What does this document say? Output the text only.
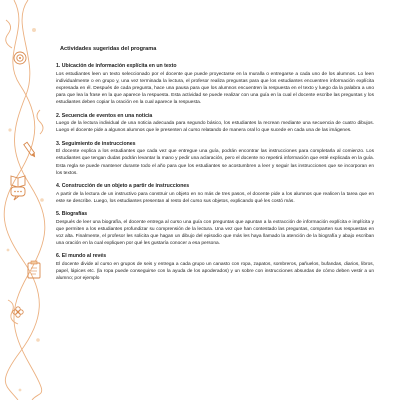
Actividades sugeridas del programa
1. Ubicación de información explícita en un texto

Los estudiantes leen un texto seleccionado por el docente que puede proyectarse en la muralla o entregarse a cada uno de los alumnos. Lo leen individualmente o en grupo y, una vez terminada la lectura, el profesor realiza preguntas para que los estudiantes encuentren información explícita expresada en él. Después de cada pregunta, hace una pausa para que los alumnos encuentren la respuesta en el texto y luego da la palabra a uno para que lea la frase en la que aparece la respuesta. Esta actividad se puede realizar con una guía en la cual el docente escribe las preguntas y los estudiantes deben copiar la oración en la cual aparece la respuesta.

2. Secuencia de eventos en una noticia

Luego de la lectura individual de una noticia adecuada para segundo básico, los estudiantes la recrean mediante una secuencia de cuatro dibujos. Luego el docente pide a algunos alumnos que le presenten al curso relatando de manera oral lo que sucede en cada una de las imágenes.

3. Seguimiento de instrucciones

El docente explica a los estudiantes que cada vez que entregue una guía, podrán encontrar las instrucciones para completarla al comienzo. Los estudiantes que tengan dudas podrán levantar la mano y pedir una aclaración, pero el docente no repetirá información que esté explicada en la guía. Esta regla se puede mantener durante todo el año para que los estudiantes se acostumbren a leer y seguir las instrucciones que se incorporan en los textos.

4. Construcción de un objeto a partir de instrucciones

A partir de la lectura de un instructivo para construir un objeto en no más de tres pasos, el docente pide a los alumnos que realicen la tarea que en este se describe. Luego, los estudiantes presentan al resto del curso sus objetos, explicando qué les costó más.

5. Biografías

Después de leer una biografía, el docente entrega al curso una guía con preguntas que apuntan a la extracción de información explícita e implícita y que permiten a los estudiantes profundizar su comprensión de la lectura. Una vez que han contestado las preguntas, comparten sus respuestas en voz alta. Finalmente, el profesor les solicita que hagan un dibujo del episodio que más les haya llamado la atención de la biografía y abajo escriban una oración en la cual expliquen por qué les gustaría conocer a esa persona.

6. El mundo al revés

El docente divide al curso en grupos de seis y entrega a cada grupo un canasto con ropa, zapatos, sombreros, pañuelos, bufandas, diarios, libros, papel, lápices etc. (la ropa puede conseguirse con la ayuda de los apoderados) y un sobre con instrucciones absurdas de cómo deben vestir a un alumno; por ejemplo
